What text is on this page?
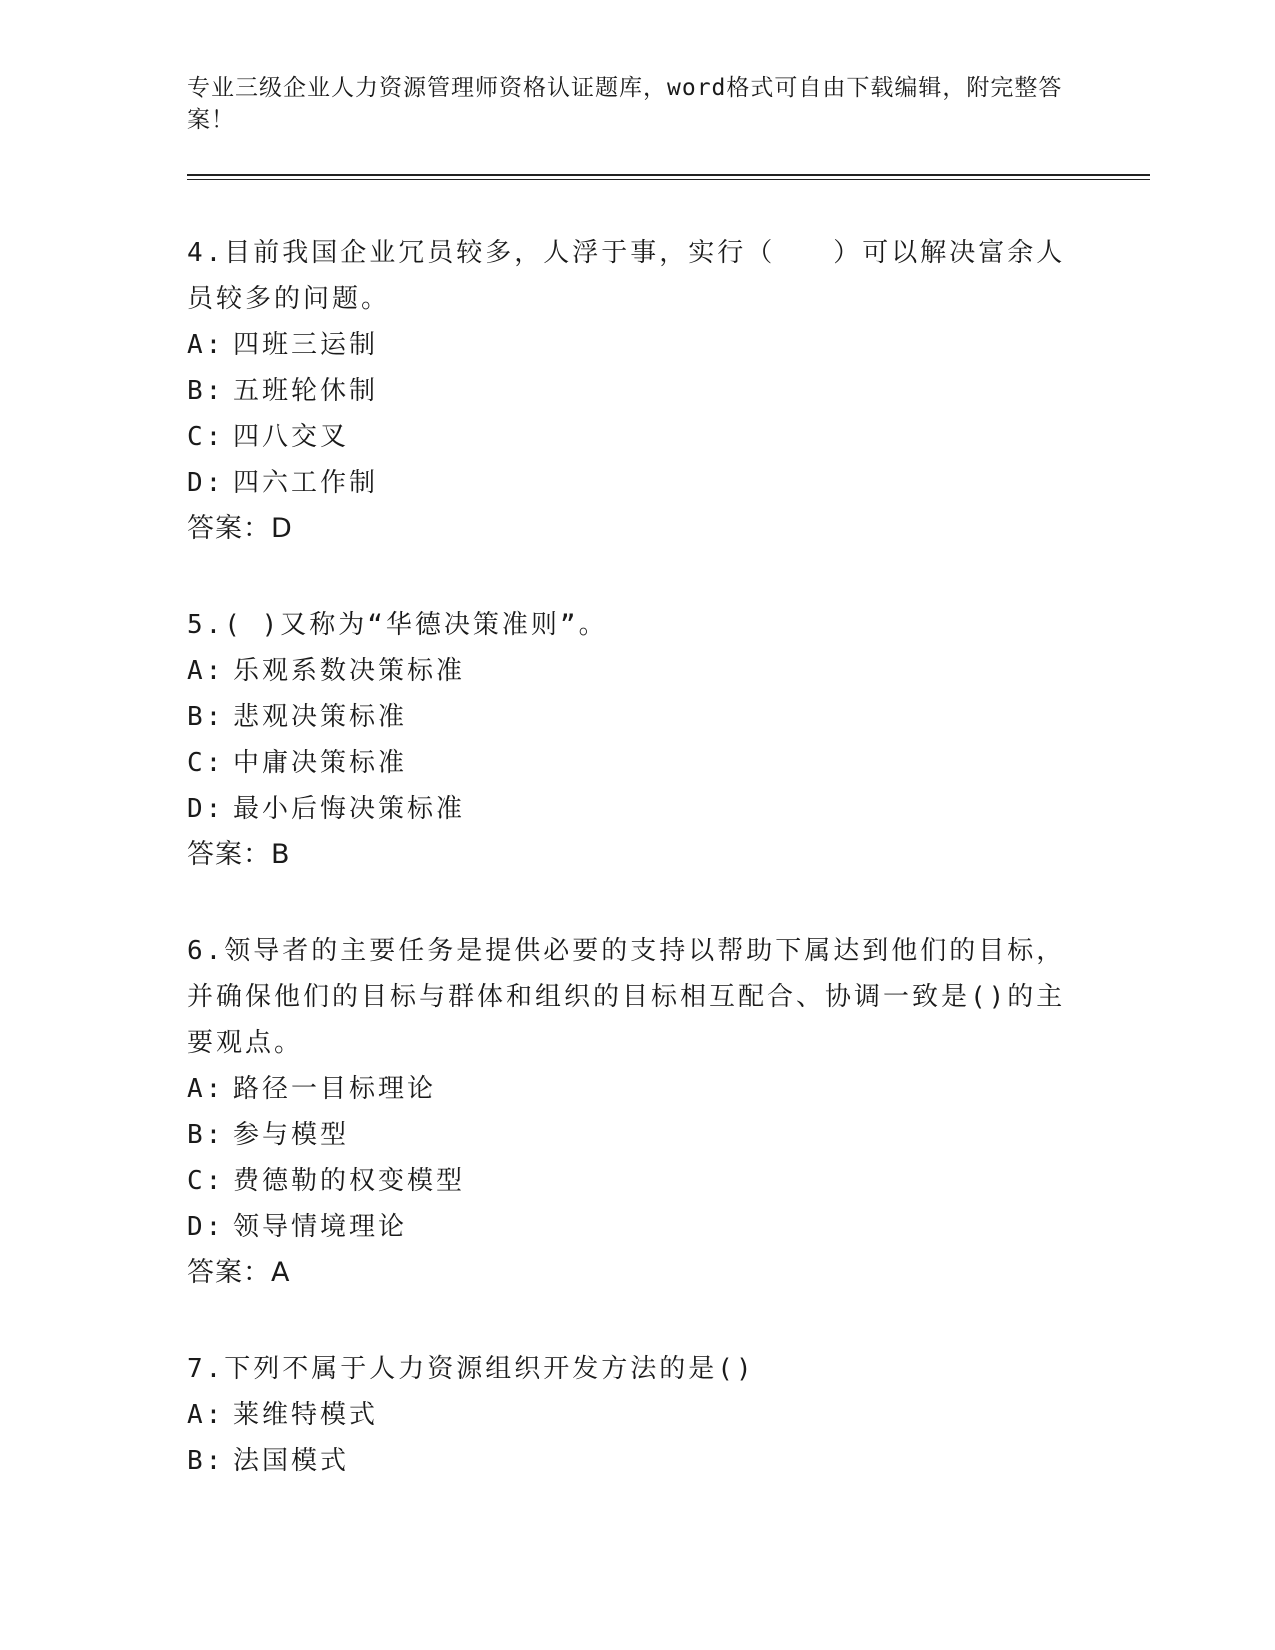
专业三级企业人力资源管理师资格认证题库，word格式可自由下载编辑，附完整答案！

4.目前我国企业冗员较多，人浮于事，实行（　　）可以解决富余人员较多的问题。

A: 四班三运制

B: 五班轮休制

C: 四八交叉

D: 四六工作制

答案：D

5.( )又称为“华德决策准则”。

A: 乐观系数决策标准

B: 悲观决策标准

C: 中庸决策标准

D: 最小后悔决策标准

答案：B

6.领导者的主要任务是提供必要的支持以帮助下属达到他们的目标，并确保他们的目标与群体和组织的目标相互配合、协调一致是()的主要观点。

A: 路径一目标理论

B: 参与模型

C: 费德勒的权变模型

D: 领导情境理论

答案：A

7.下列不属于人力资源组织开发方法的是()

A: 莱维特模式

B: 法国模式
